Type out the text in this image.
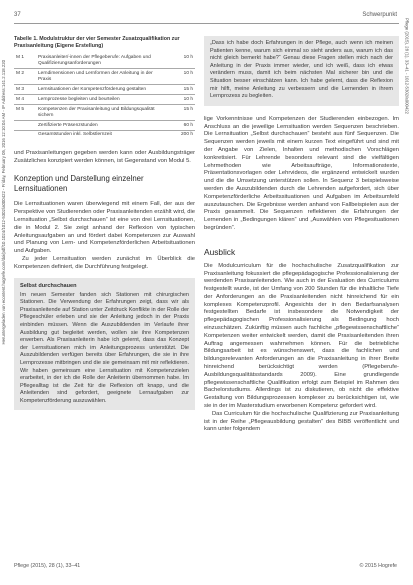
Heruntergeladen von econtent.hogrefe.com/doi/pdf/10.1024/1012-5302/a000422 - Friday, February 05, 2016 12:10:04 AM - IP Address:141.2.118.220	Pflege (2015), 28 (1), 33–41 - 1012-5302/a000422
37	Schwerpunkt
Tabelle 1. Modulstruktur der vier Semester Zusatzqualifikation zur Praxisanleitung (Eigene Erstellung)
M 1	Praxisanleiter/-innen der Pflegeberufe: Aufgaben und Qualifizierungsanforderungen	10 h
M 2	Lerndimensionen und Lernformen der Anleitung in der Praxis	10 h
M 3	Lernsituationen der Kompetenzförderung gestalten	15 h
M 4	Lernprozesse begleiten und beurteilen	10 h
M 5	Kompetenzen der Praxisanleitung und Bildungsqualität sichern	15 h
	Zertifizierte Präsenzstunden	60 h
	Gesamtstunden inkl. Selbstlernzeit	200 h
und Praxisanleitungen gegeben werden kann oder Ausbildungsträger Zusätzliches konzipiert werden können, ist Gegenstand von Modul 5.
Konzeption und Darstellung einzelner Lernsituationen
Die Lernsituationen waren überwiegend mit einem Fall, der aus der Perspektive von Studierenden oder Praxisanleitenden erzählt wird, die Lernsituation „Selbst durchschauen“ ist eine von drei Lernsituationen, die in Modul 2. Sie zeigt anhand der Reflexion von typischen Anleitungsaufgaben an und fördert dabei Kompetenzen zur Auswahl und Planung von Lern- und Kompetenzförderlichen Arbeitsituationen und Aufgaben.
Zu jeder Lernsituation werden zunächst im Überblick die Kompetenzen definiert, die Durchführung festgelegt.
Selbst durchschauen
Im neuen Semester fanden sich Stationen mit chirurgischen Stationen. Die Verwendung der Erfahrungen zeigt, dass wir als Praxisanleitende auf Station unter Zeitdruck Konflikte in der Rolle der Pflegeschüler erleben und sie der Anleitung jedoch in der Praxis einbinden müssen. Wenn die Auszubildenden im Verlaufe ihrer Ausbildung gut begleitet werden, wollen sie ihre Kompetenzen erwerben. Als Praxisanleiterin habe ich gelernt, dass das Konzept der Lernsituationen mich im Anleitungsprozess unterstützt. Die Auszubildenden verfügen bereits über Erfahrungen, die sie in ihre Lernprozesse mitbringen und die sie gemeinsam mit mir reflektieren. Wir haben gemeinsam eine Lernsituation mit Kompetenzzielen erarbeitet, in der ich die Rolle der Anleiterin übernommen habe. Im Pflegealltag ist die Zeit für die Reflexion oft knapp, und die Anleitenden sind gefordert, geeignete Lernaufgaben zur Kompetenzförderung auszuwählen.
„Dass ich habe doch Erfahrungen in der Pflege, auch wenn ich meinen Patienten kenne, warum sich einmal so sieht anders aus, warum ich das nicht gleich bemerkt habe?“ Genau diese Fragen stellen mich nach der Anleitung in der Praxis immer wieder, und ich weiß, dass ich etwas verändern muss, damit ich beim nächsten Mal sicherer bin und die Situation besser einschätzen kann. Ich habe gelernt, dass die Reflexion mir hilft, meine Anleitung zu verbessern und die Lernenden in ihrem Lernprozess zu begleiten.
lige Vorkenntnisse und Kompetenzen der Studierenden einbezogen. Im Anschluss an die jeweilige Lernsituation werden Sequenzen beschrieben. Die Lernsituation „Selbst durchschauen“ besteht aus fünf Sequenzen. Die Sequenzen werden jeweils mit einem kurzen Text eingeführt und sind mit der Angabe von Zielen, Inhalten und methodischen Vorschlägen konkretisiert. Für Lehrende besonders relevant sind die vielfältigen Lehrmethoden wie Arbeitsaufträge, Informationstexte, Präsentationsvorlagen oder Lehrvideos, die ergänzend entwickelt wurden und die die Umsetzung unterstützen sollen. In Sequenz 3 beispielsweise werden die Auszubildenden durch die Lehrenden aufgefordert, sich über Kompetenzförderliche Arbeitssituationen und Aufgaben im Arbeitsumfeld auszutauschen. Die Ergebnisse werden anhand von Fallbeispielen aus der Praxis gesammelt. Die Sequenzen reflektieren die Erfahrungen der Lernenden in „Bedingungen klären“ und „Auswählen von Pflegesituationen begründen“.
Ausblick
Die Modulcurriculum für die hochschulische Zusatzqualifikation zur Praxisanleitung fokussiert die pflegepädagogische Professionalisierung der werdenden Praxisanleitenden. Wie auch in der Evaluation des Curriculums festgestellt wurde, ist der Umfang von 200 Stunden für die inhaltliche Tiefe der Anforderungen an die Praxisanleitenden nicht hinreichend für ein komplexes Kompetenzprofil. Angesichts der in den Bedarfsanalysen festgestellten Bedarfe ist insbesondere die Notwendigkeit der pflegepädagogischen Professionalisierung als Bedingung hoch einzuschätzen. Zukünftig müssen auch fachliche „pflegewissenschaftliche“ Kompetenzen weiter entwickelt werden, damit die Praxisanleitenden ihren Auftrag angemessen wahrnehmen können. Für die betriebliche Bildungsarbeit ist es wünschenswert, dass die fachlichen und bildungsrelevanten Anforderungen an die Praxisanleitung in ihrer Breite hinreichend berücksichtigt werden (Pflegeberufe-Ausbildungsqualitätsstandards 2009). Eine grundlegende pflegewissenschaftliche Qualifikation erfolgt zum Beispiel im Rahmen des Bachelorstudiums. Allerdings ist zu diskutieren, ob nicht die effektive Gestaltung von Bildungsprozessen komplexer zu berücksichtigen ist, wie sie in der im Masterstudium erworbenen Kompetenz gefordert wird.
Das Curriculum für die hochschulische Qualifizierung zur Praxisanleitung ist in der Reihe „Pflegeausbildung gestalten“ des BIBB veröffentlicht und kann unter folgendem
Pflege (2015), 28 (1), 33–41	© 2015 Hogrefe
